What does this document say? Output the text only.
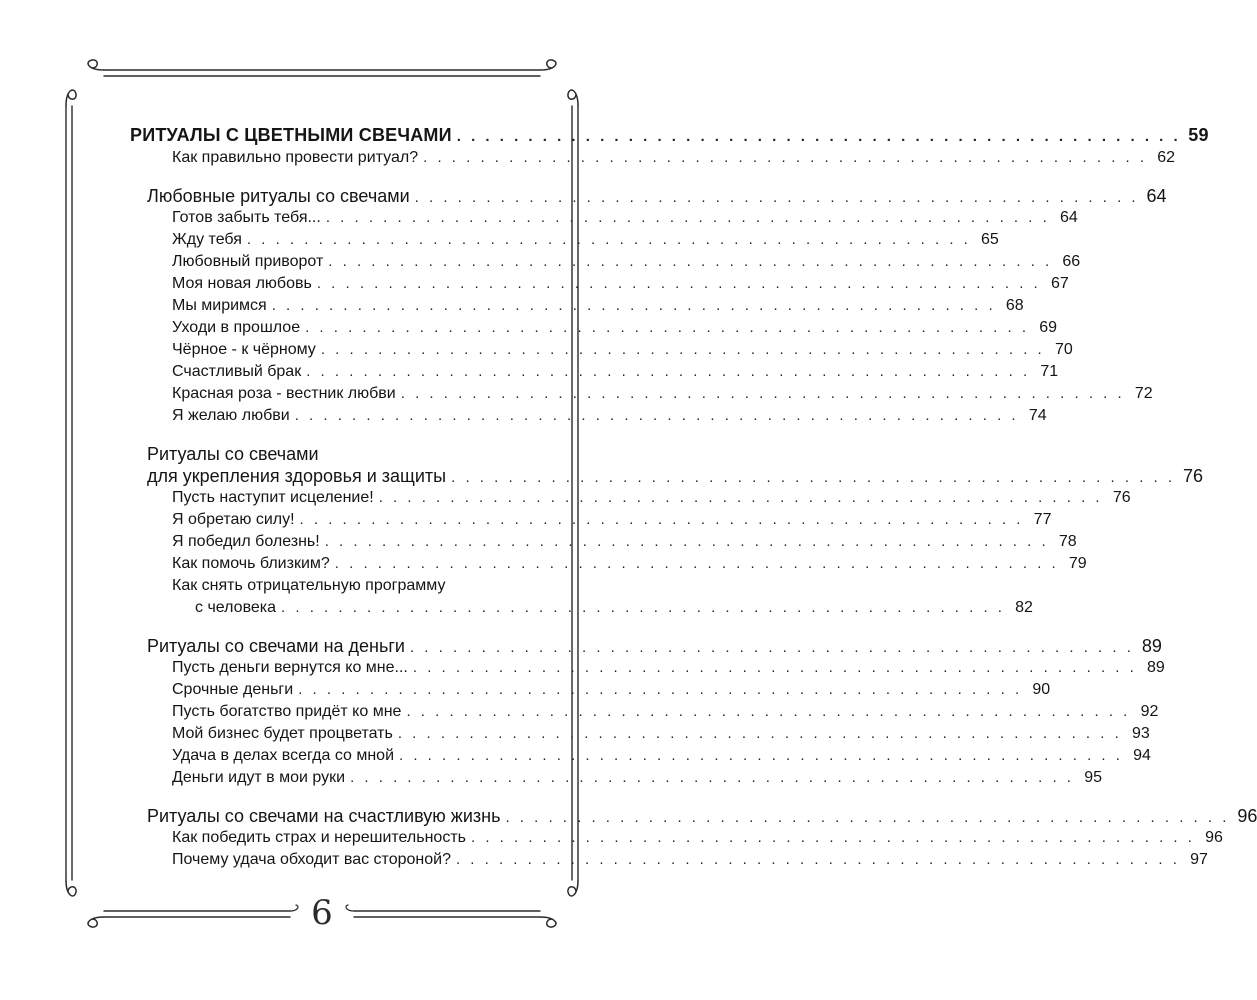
РИТУАЛЫ С ЦВЕТНЫМИ СВЕЧАМИ . . . . . . . . . . . . . . . . . . . . . . . . . . . . . . . . . . . . . . . . . . . . . . . . . . . 59
Как правильно провести ритуал? . . . . . . . . . . . . . . . . . . . . . . . . . . . . . . . . . . . . . . . . . . . . . . . . . . . 62
Любовные ритуалы со свечами . . . . . . . . . . . . . . . . . . . . . . . . . . . . . . . . . . . . . . . . . . . . . . . . . . . 64
Готов забыть тебя... . . . . . . . . . . . . . . . . . . . . . . . . . . . . . . . . . . . . . . . . . . . . . . . . . . . 64
Жду тебя . . . . . . . . . . . . . . . . . . . . . . . . . . . . . . . . . . . . . . . . . . . . . . . . . . . 65
Любовный приворот . . . . . . . . . . . . . . . . . . . . . . . . . . . . . . . . . . . . . . . . . . . . . . . . . . . 66
Моя новая любовь . . . . . . . . . . . . . . . . . . . . . . . . . . . . . . . . . . . . . . . . . . . . . . . . . . . 67
Мы миримся . . . . . . . . . . . . . . . . . . . . . . . . . . . . . . . . . . . . . . . . . . . . . . . . . . . 68
Уходи в прошлое . . . . . . . . . . . . . . . . . . . . . . . . . . . . . . . . . . . . . . . . . . . . . . . . . . . 69
Чёрное - к чёрному . . . . . . . . . . . . . . . . . . . . . . . . . . . . . . . . . . . . . . . . . . . . . . . . . . . 70
Счастливый брак . . . . . . . . . . . . . . . . . . . . . . . . . . . . . . . . . . . . . . . . . . . . . . . . . . . 71
Красная роза - вестник любви . . . . . . . . . . . . . . . . . . . . . . . . . . . . . . . . . . . . . . . . . . . . . . . . . . . 72
Я желаю любви . . . . . . . . . . . . . . . . . . . . . . . . . . . . . . . . . . . . . . . . . . . . . . . . . . . 74
Ритуалы со свечами
для укрепления здоровья и защиты . . . . . . . . . . . . . . . . . . . . . . . . . . . . . . . . . . . . . . . . . . . . . . . . . . . 76
Пусть наступит исцеление! . . . . . . . . . . . . . . . . . . . . . . . . . . . . . . . . . . . . . . . . . . . . . . . . . . . 76
Я обретаю силу! . . . . . . . . . . . . . . . . . . . . . . . . . . . . . . . . . . . . . . . . . . . . . . . . . . . 77
Я победил болезнь! . . . . . . . . . . . . . . . . . . . . . . . . . . . . . . . . . . . . . . . . . . . . . . . . . . . 78
Как помочь близким? . . . . . . . . . . . . . . . . . . . . . . . . . . . . . . . . . . . . . . . . . . . . . . . . . . . 79
Как снять отрицательную программу
с человека . . . . . . . . . . . . . . . . . . . . . . . . . . . . . . . . . . . . . . . . . . . . . . . . . . . 82
Ритуалы со свечами на деньги . . . . . . . . . . . . . . . . . . . . . . . . . . . . . . . . . . . . . . . . . . . . . . . . . . . 89
Пусть деньги вернутся ко мне... . . . . . . . . . . . . . . . . . . . . . . . . . . . . . . . . . . . . . . . . . . . . . . . . . . . 89
Срочные деньги . . . . . . . . . . . . . . . . . . . . . . . . . . . . . . . . . . . . . . . . . . . . . . . . . . . 90
Пусть богатство придёт ко мне . . . . . . . . . . . . . . . . . . . . . . . . . . . . . . . . . . . . . . . . . . . . . . . . . . . 92
Мой бизнес будет процветать . . . . . . . . . . . . . . . . . . . . . . . . . . . . . . . . . . . . . . . . . . . . . . . . . . . 93
Удача в делах всегда со мной . . . . . . . . . . . . . . . . . . . . . . . . . . . . . . . . . . . . . . . . . . . . . . . . . . . 94
Деньги идут в мои руки . . . . . . . . . . . . . . . . . . . . . . . . . . . . . . . . . . . . . . . . . . . . . . . . . . . 95
Ритуалы со свечами на счастливую жизнь . . . . . . . . . . . . . . . . . . . . . . . . . . . . . . . . . . . . . . . . . . . . . . . . . . . 96
Как победить страх и нерешительность . . . . . . . . . . . . . . . . . . . . . . . . . . . . . . . . . . . . . . . . . . . . . . . . . . . 96
Почему удача обходит вас стороной? . . . . . . . . . . . . . . . . . . . . . . . . . . . . . . . . . . . . . . . . . . . . . . . . . . . 97
6
